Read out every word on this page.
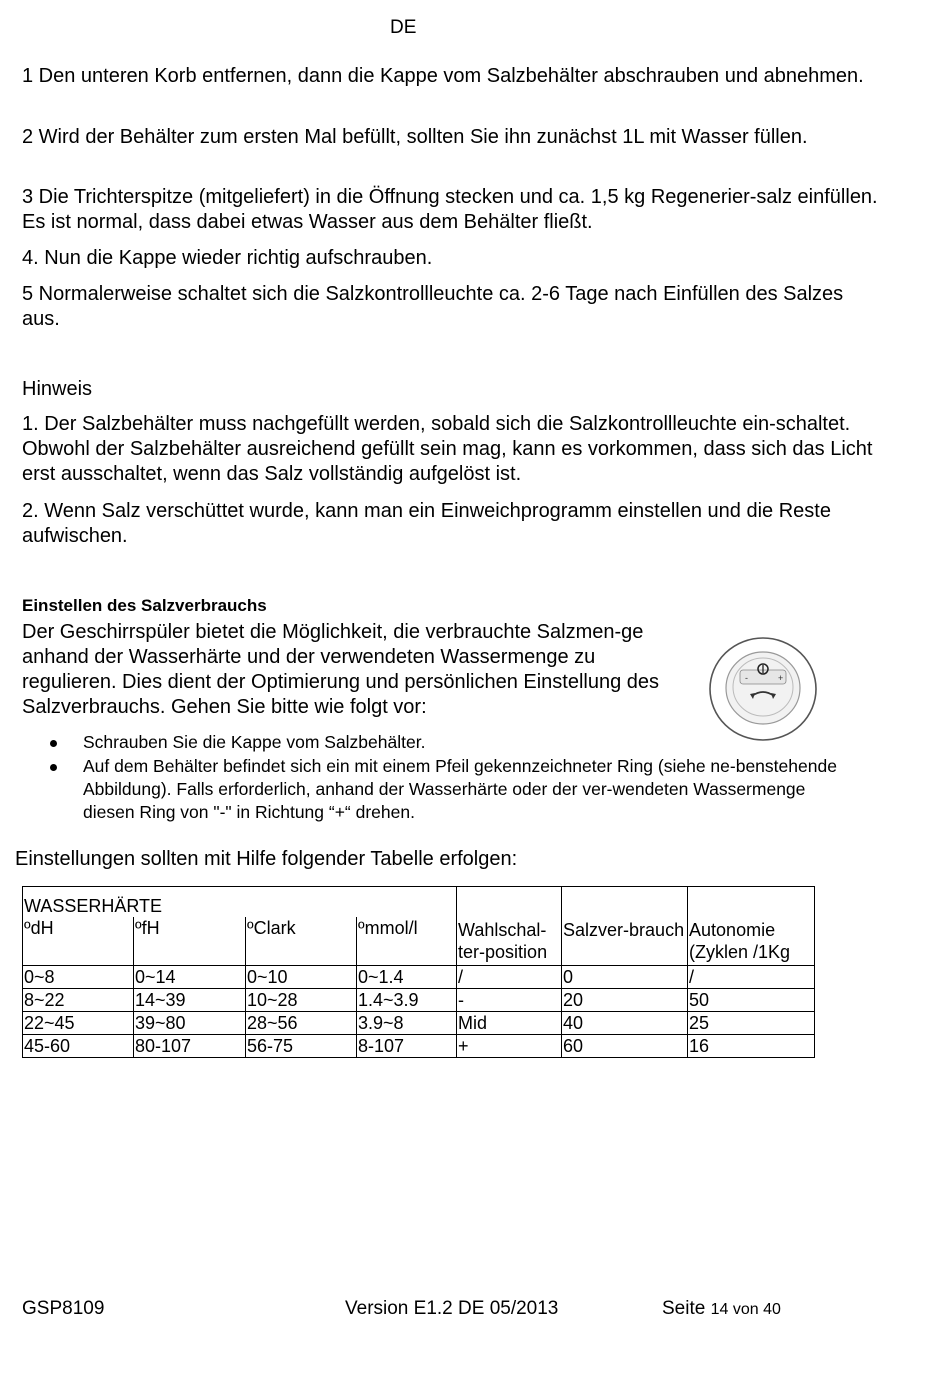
DE
1 Den unteren Korb entfernen, dann die Kappe vom Salzbehälter abschrauben und abnehmen.
2 Wird der Behälter zum ersten Mal befüllt, sollten Sie ihn zunächst 1L mit Wasser füllen.
3 Die Trichterspitze (mitgeliefert) in die Öffnung stecken und ca. 1,5 kg Regenerier-salz einfüllen. Es ist normal, dass dabei etwas Wasser aus dem Behälter fließt.
4. Nun die Kappe wieder richtig aufschrauben.
5 Normalerweise schaltet sich die Salzkontrollleuchte ca. 2-6 Tage nach Einfüllen des Salzes aus.
Hinweis
1. Der Salzbehälter muss nachgefüllt werden, sobald sich die Salzkontrollleuchte ein-schaltet. Obwohl der Salzbehälter ausreichend gefüllt sein mag, kann es vorkommen, dass sich das Licht erst ausschaltet, wenn das Salz vollständig aufgelöst ist.
2. Wenn Salz verschüttet wurde, kann man ein Einweichprogramm einstellen und die Reste aufwischen.
Einstellen des Salzverbrauchs
Der Geschirrspüler bietet die Möglichkeit, die verbrauchte Salzmen-ge anhand der Wasserhärte und der verwendeten Wassermenge zu regulieren. Dies dient der Optimierung und persönlichen Einstellung des Salzverbrauchs. Gehen Sie bitte wie folgt vor:
-	+
Schrauben Sie die Kappe vom Salzbehälter.
Auf dem Behälter befindet sich ein mit einem Pfeil gekennzeichneter Ring (siehe ne-benstehende Abbildung). Falls erforderlich, anhand der Wasserhärte oder der ver-wendeten Wassermenge diesen Ring von "-" in Richtung “+“ drehen.
Einstellungen sollten mit Hilfe folgender Tabelle erfolgen:
WASSERHÄRTE				Wahlschal-ter-position	Salzver-brauch	Autonomie (Zyklen /1Kg
ºdH	ºfH	ºClark	ºmmol/l			
0~8	0~14	0~10	0~1.4	/	0	/
8~22	14~39	10~28	1.4~3.9	-	20	50
22~45	39~80	28~56	3.9~8	Mid	40	25
45-60	80-107	56-75	8-107	+	60	16
GSP8109	Version E1.2 DE 05/2013	Seite 14 von 40
